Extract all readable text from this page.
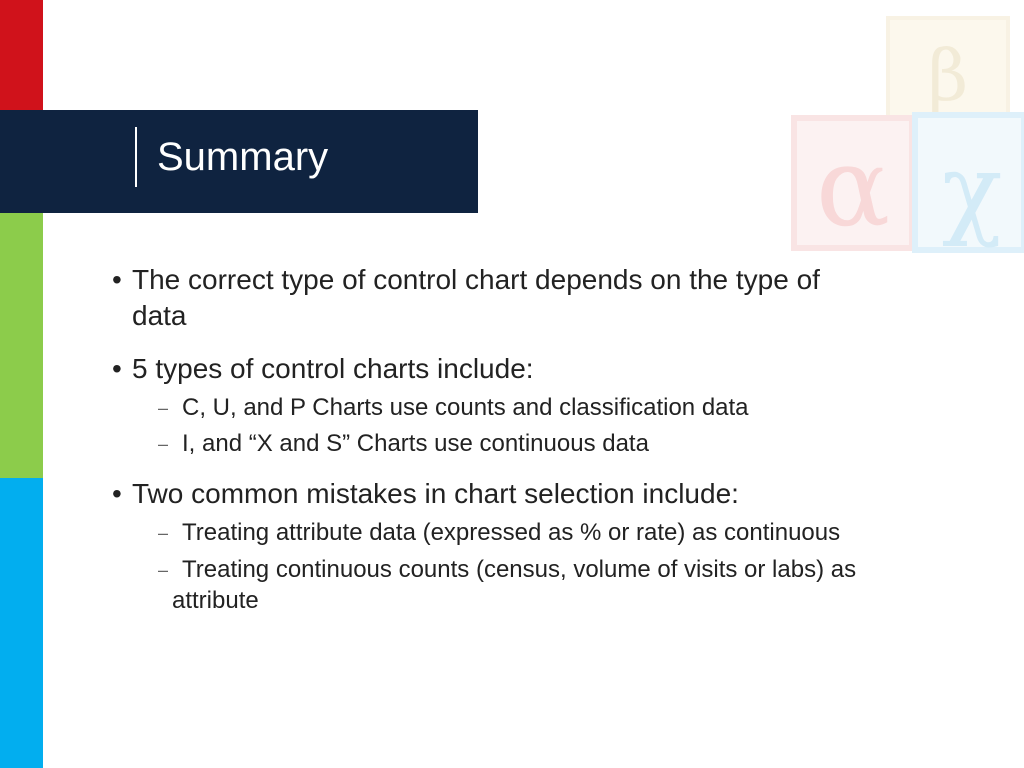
Summary
β
α χ
• The correct type of control chart depends on the type of
data
• 5 types of control charts include:
– C, U, and P Charts use counts and classification data
– I, and “X and S” Charts use continuous data
• Two common mistakes in chart selection include:
– Treating attribute data (expressed as % or rate) as continuous
– Treating continuous counts (census, volume of visits or labs) as
attribute
